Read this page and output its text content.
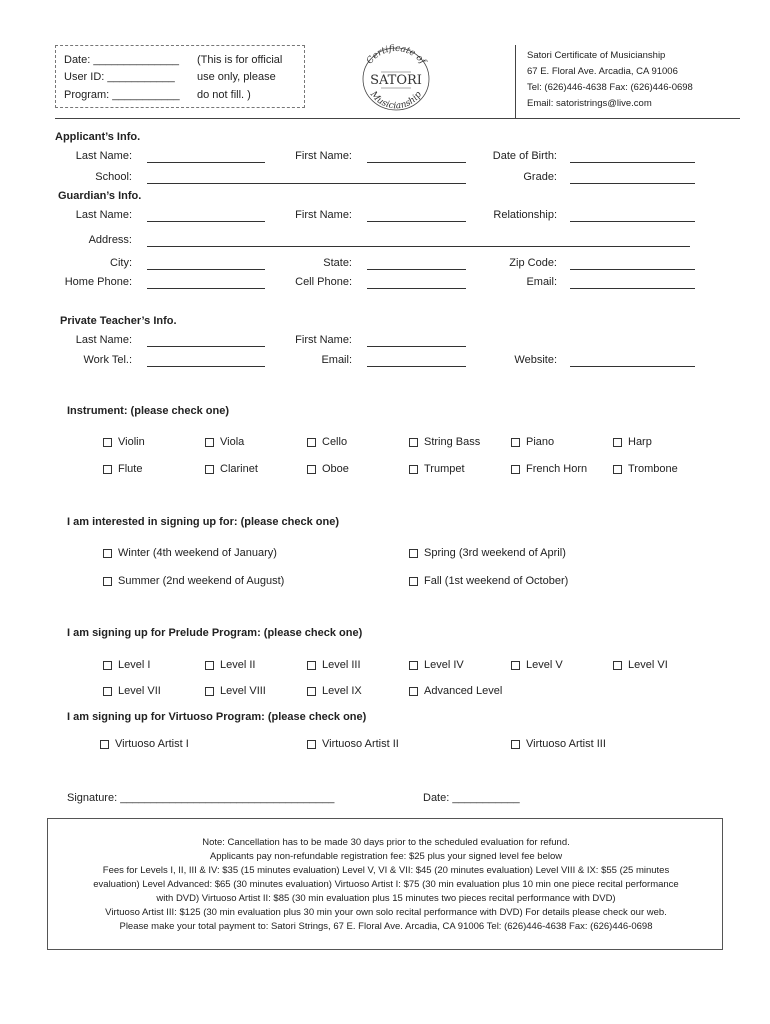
Date: ______________
User ID: ___________
Program: ___________
(This is for official
use only, please
do not fill. )
Certificate of
SATORI
Musicianship
Satori Certificate of Musicianship
67 E. Floral Ave. Arcadia, CA 91006
Tel: (626)446-4638 Fax: (626)446-0698
Email: satoristrings@live.com
Applicant’s Info.
Last Name:	First Name:	Date of Birth:
School:	Grade:
Guardian’s Info.
Last Name:	First Name:	Relationship:
Address:
City:	State:	Zip Code:
Home Phone:	Cell Phone:	Email:
Private Teacher’s Info.
Last Name:	First Name:
Work Tel.:	Email:	Website:
Instrument: (please check one)
Violin	Viola	Cello	String Bass	Piano	Harp
Flute	Clarinet	Oboe	Trumpet	French Horn	Trombone
I am interested in signing up for: (please check one)
Winter (4th weekend of January)	Spring (3rd weekend of April)
Summer (2nd weekend of August)	Fall (1st weekend of October)
I am signing up for Prelude Program: (please check one)
Level I	Level II	Level III	Level IV	Level V	Level VI
Level VII	Level VIII	Level IX	Advanced Level
I am signing up for Virtuoso Program: (please check one)
Virtuoso Artist I	Virtuoso Artist II	Virtuoso Artist III
Signature: ___________________________________	Date: ___________
Note: Cancellation has to be made 30 days prior to the scheduled evaluation for refund.
Applicants pay non-refundable registration fee: $25 plus your signed level fee below
Fees for Levels I, II, III & IV: $35 (15 minutes evaluation) Level V, VI & VII: $45 (20 minutes evaluation) Level VIII & IX: $55 (25 minutes
evaluation) Level Advanced: $65 (30 minutes evaluation) Virtuoso Artist I: $75 (30 min evaluation plus 10 min one piece recital performance
with DVD) Virtuoso Artist II: $85 (30 min evaluation plus 15 minutes two pieces recital performance with DVD)
Virtuoso Artist III: $125 (30 min evaluation plus 30 min your own solo recital performance with DVD) For details please check our web.
Please make your total payment to: Satori Strings, 67 E. Floral Ave. Arcadia, CA 91006 Tel: (626)446-4638 Fax: (626)446-0698
